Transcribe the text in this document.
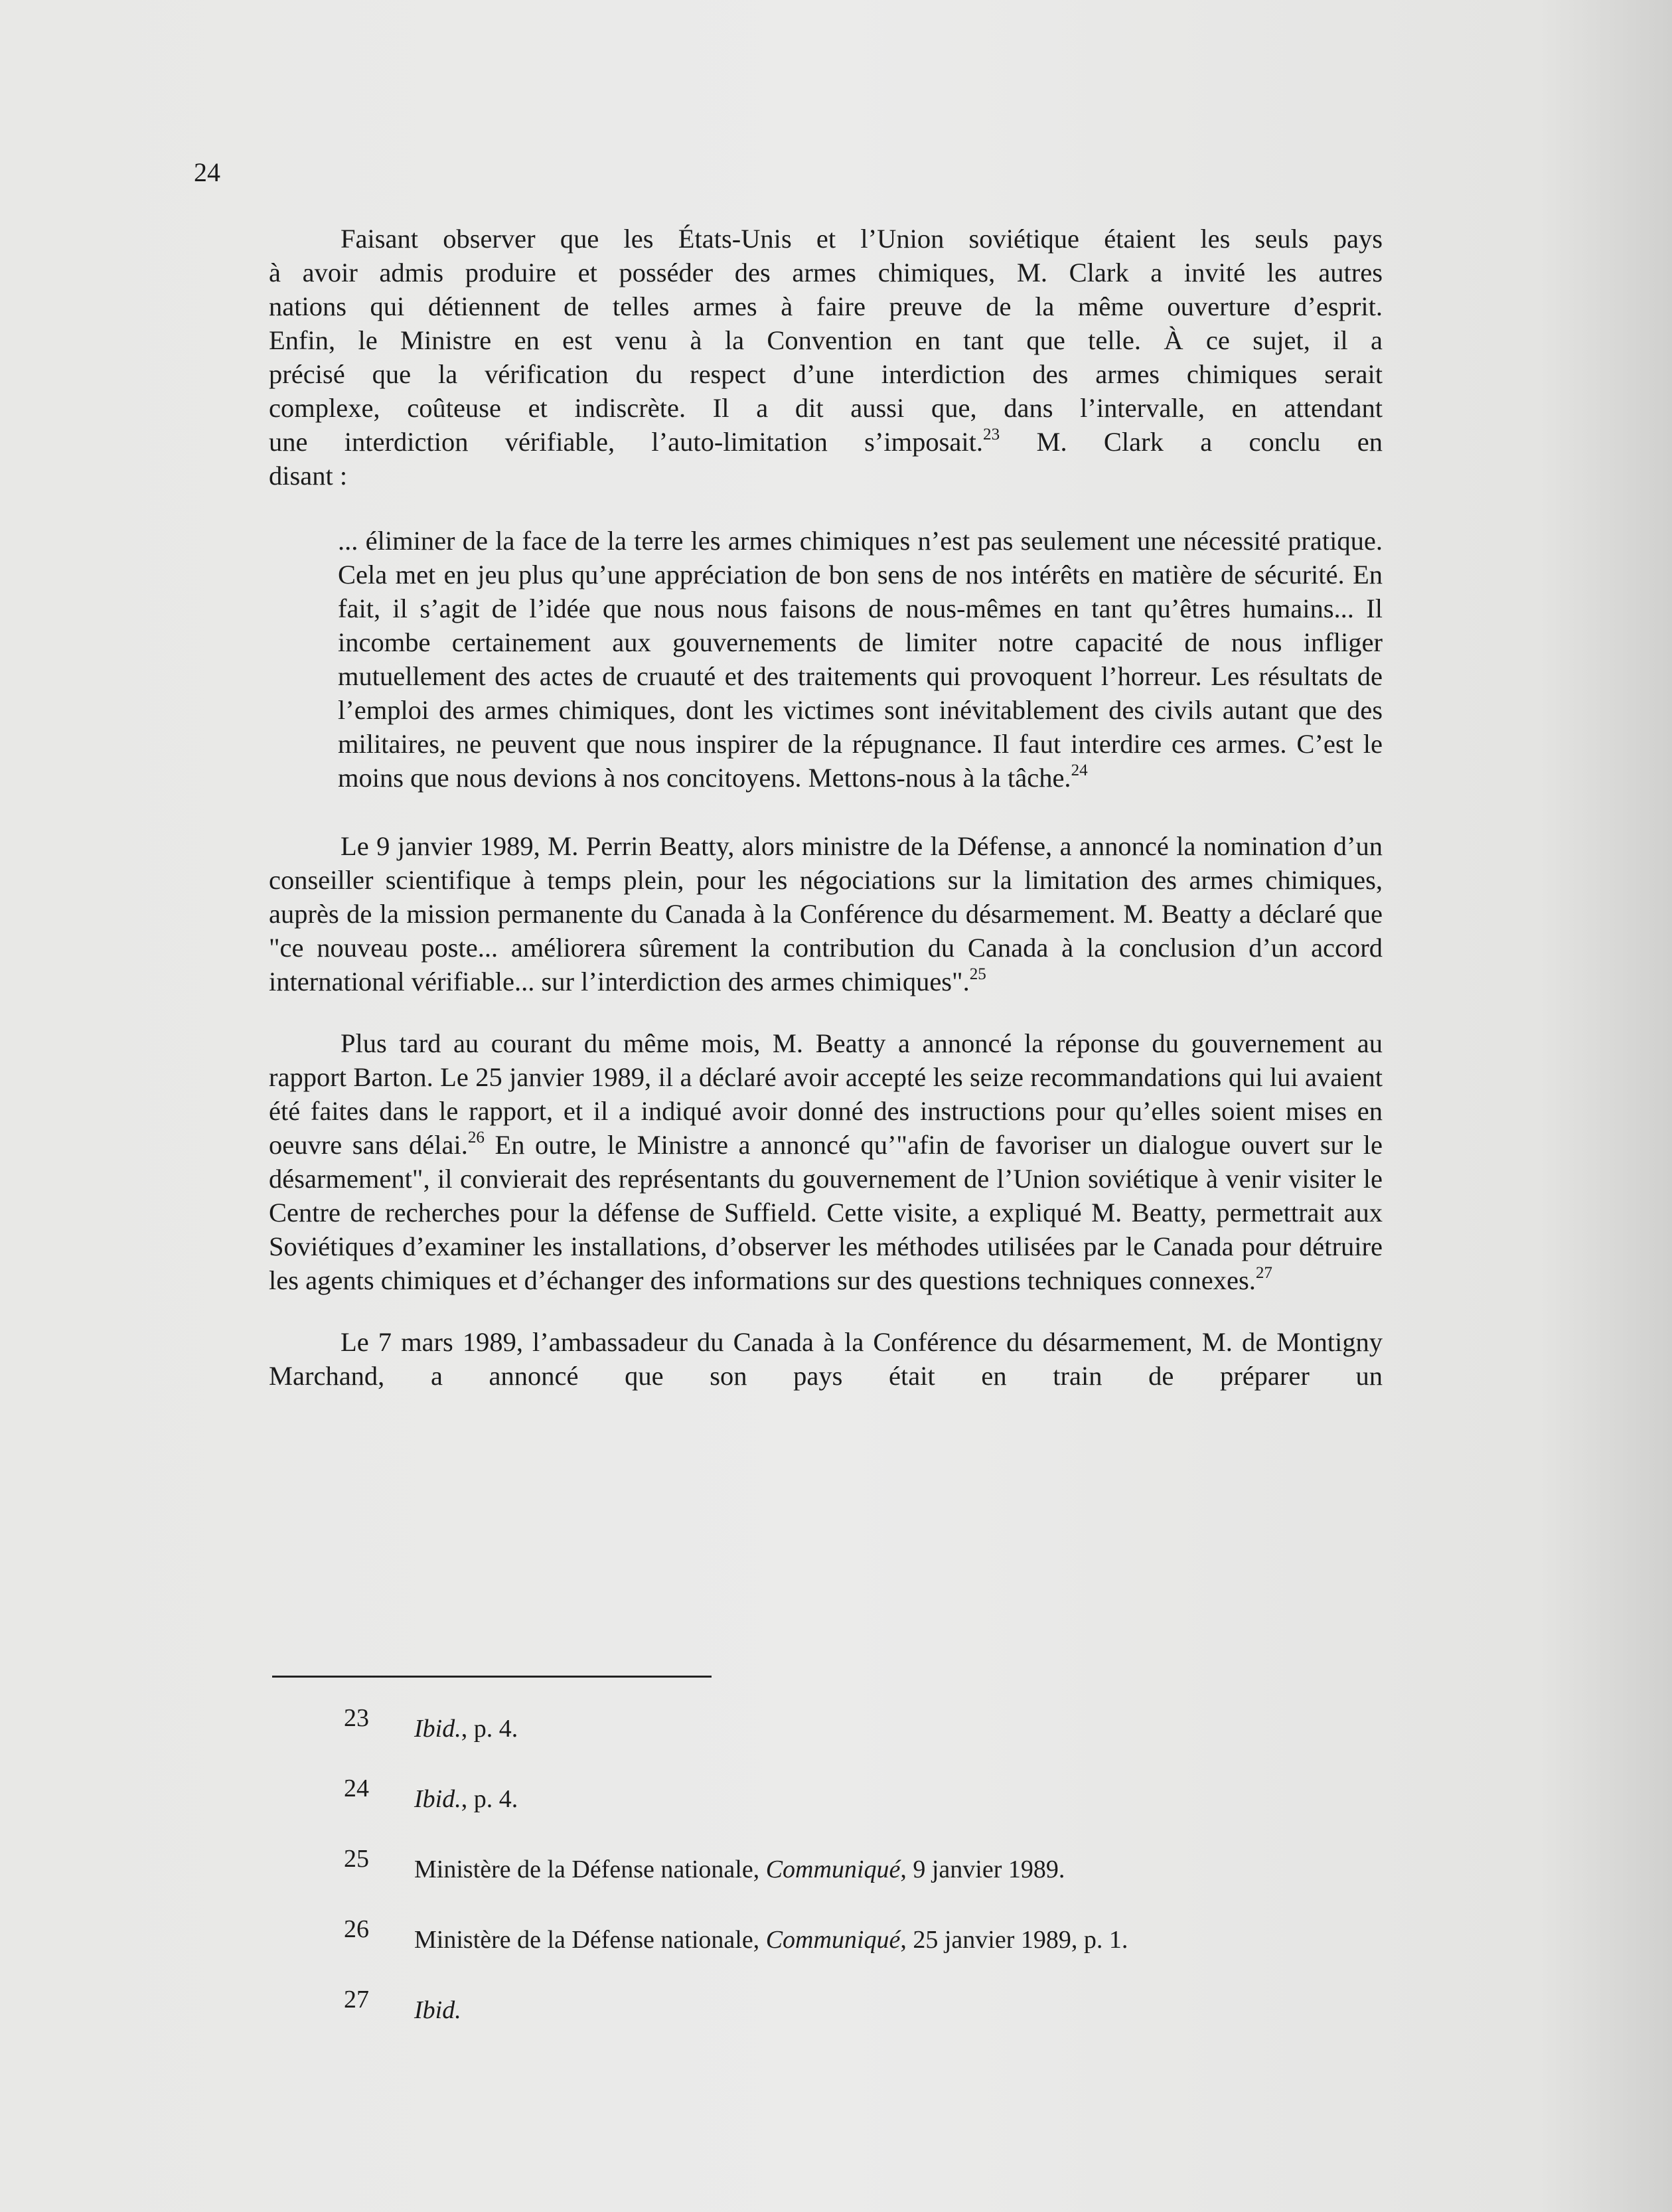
24
Faisant observer que les États-Unis et l’Union soviétique étaient les seuls pays
à avoir admis produire et posséder des armes chimiques, M. Clark a invité les autres
nations qui détiennent de telles armes à faire preuve de la même ouverture d’esprit.
Enfin, le Ministre en est venu à la Convention en tant que telle. À ce sujet, il a
précisé que la vérification du respect d’une interdiction des armes chimiques serait
complexe, coûteuse et indiscrète. Il a dit aussi que, dans l’intervalle, en attendant
une interdiction vérifiable, l’auto-limitation s’imposait.$^{23}$ M. Clark a conclu en
disant :
... éliminer de la face de la terre les armes chimiques n’est pas seulement une nécessité pratique. Cela met en jeu plus qu’une appréciation de bon sens de nos intérêts en matière de sécurité. En fait, il s’agit de l’idée que nous nous faisons de nous-mêmes en tant qu’êtres humains... Il incombe certainement aux gouvernements de limiter notre capacité de nous infliger mutuellement des actes de cruauté et des traitements qui provoquent l’horreur. Les résultats de l’emploi des armes chimiques, dont les victimes sont inévitablement des civils autant que des militaires, ne peuvent que nous inspirer de la répugnance. Il faut interdire ces armes. C’est le moins que nous devions à nos concitoyens. Mettons-nous à la tâche.$^{24}$
Le 9 janvier 1989, M. Perrin Beatty, alors ministre de la Défense, a annoncé la nomination d’un conseiller scientifique à temps plein, pour les négociations sur la limitation des armes chimiques, auprès de la mission permanente du Canada à la Conférence du désarmement. M. Beatty a déclaré que "ce nouveau poste... améliorera sûrement la contribution du Canada à la conclusion d’un accord international vérifiable... sur l’interdiction des armes chimiques".$^{25}$
Plus tard au courant du même mois, M. Beatty a annoncé la réponse du gouvernement au rapport Barton. Le 25 janvier 1989, il a déclaré avoir accepté les seize recommandations qui lui avaient été faites dans le rapport, et il a indiqué avoir donné des instructions pour qu’elles soient mises en oeuvre sans délai.$^{26}$ En outre, le Ministre a annoncé qu’"afin de favoriser un dialogue ouvert sur le désarmement", il convierait des représentants du gouvernement de l’Union soviétique à venir visiter le Centre de recherches pour la défense de Suffield. Cette visite, a expliqué M. Beatty, permettrait aux Soviétiques d’examiner les installations, d’observer les méthodes utilisées par le Canada pour détruire les agents chimiques et d’échanger des informations sur des questions techniques connexes.$^{27}$
Le 7 mars 1989, l’ambassadeur du Canada à la Conférence du désarmement, M. de Montigny Marchand, a annoncé que son pays était en train de préparer un
23 Ibid., p. 4.
24 Ibid., p. 4.
25 Ministère de la Défense nationale, Communiqué, 9 janvier 1989.
26 Ministère de la Défense nationale, Communiqué, 25 janvier 1989, p. 1.
27 Ibid.
